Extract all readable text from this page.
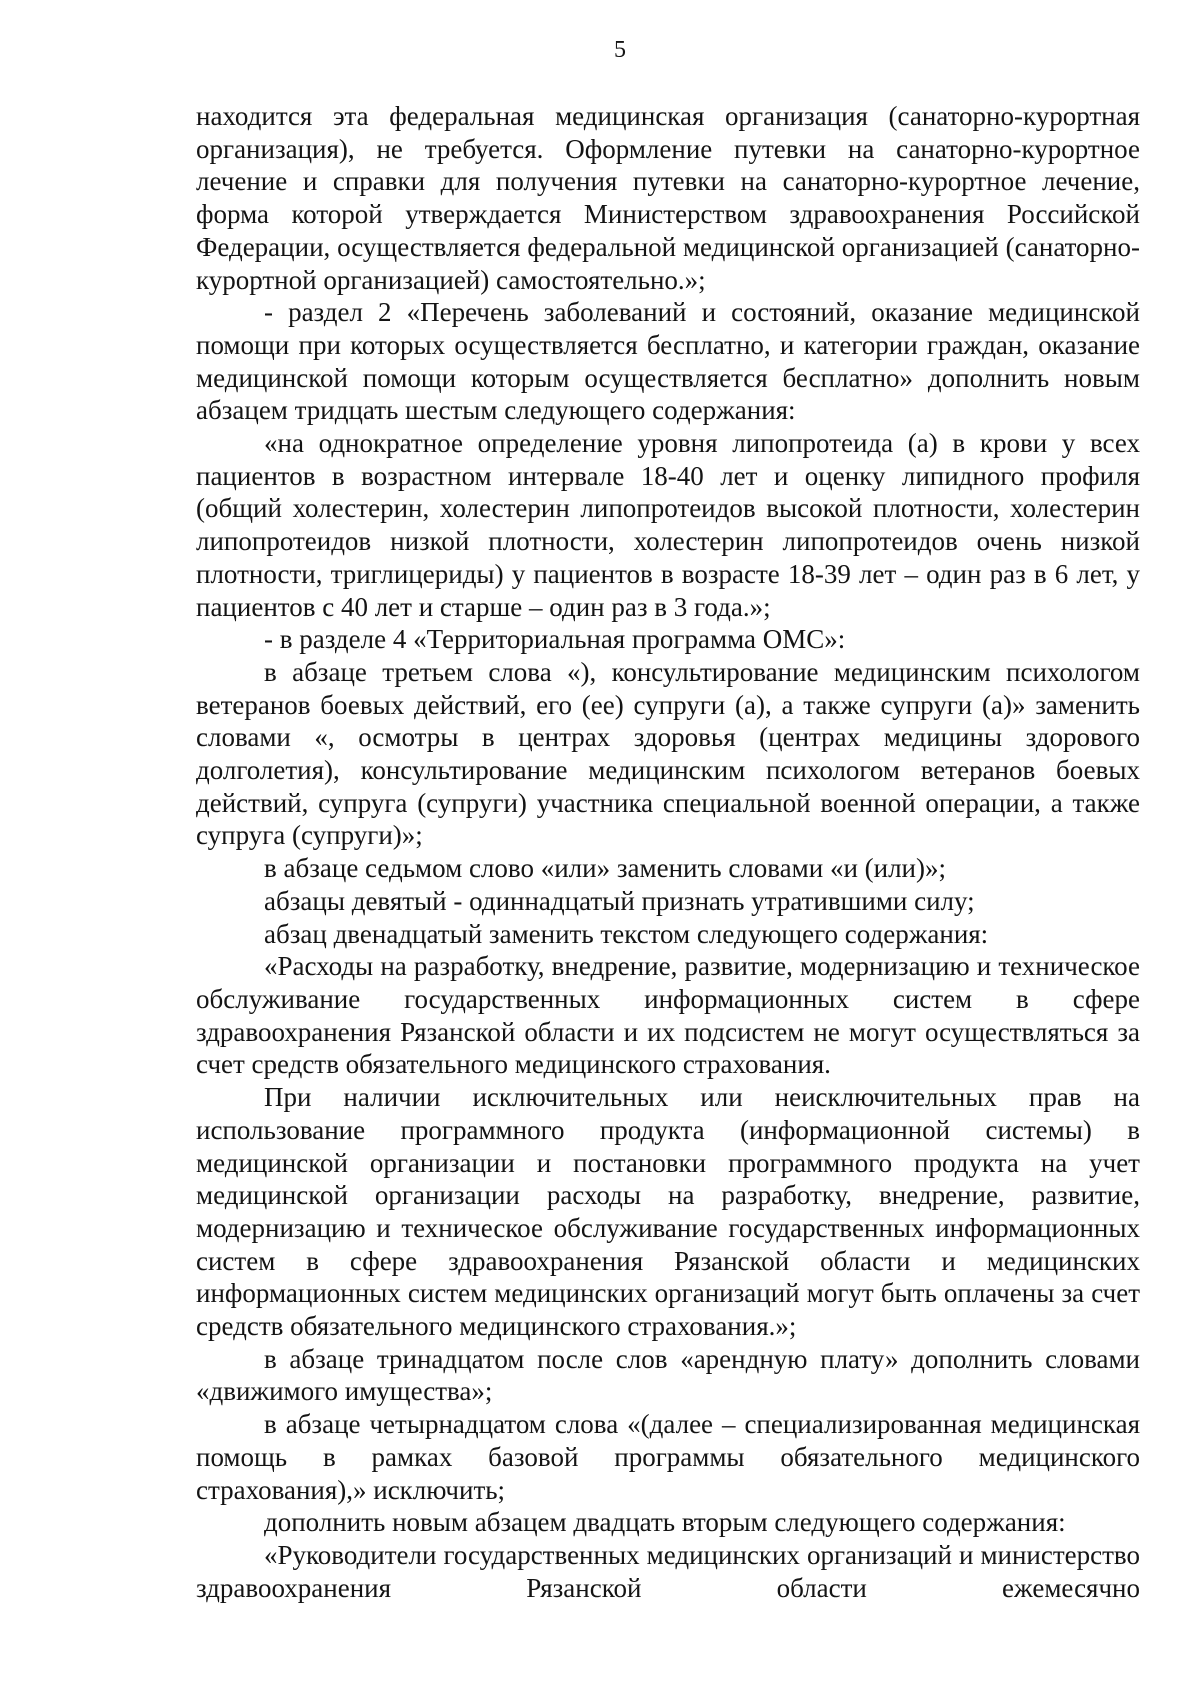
5

находится эта федеральная медицинская организация (санаторно-курортная организация), не требуется. Оформление путевки на санаторно-курортное лечение и справки для получения путевки на санаторно-курортное лечение, форма которой утверждается Министерством здравоохранения Российской Федерации, осуществляется федеральной медицинской организацией (санаторно-курортной организацией) самостоятельно.»;

- раздел 2 «Перечень заболеваний и состояний, оказание медицинской помощи при которых осуществляется бесплатно, и категории граждан, оказание медицинской помощи которым осуществляется бесплатно» дополнить новым абзацем тридцать шестым следующего содержания:

«на однократное определение уровня липопротеида (а) в крови у всех пациентов в возрастном интервале 18-40 лет и оценку липидного профиля (общий холестерин, холестерин липопротеидов высокой плотности, холестерин липопротеидов низкой плотности, холестерин липопротеидов очень низкой плотности, триглицериды) у пациентов в возрасте 18-39 лет – один раз в 6 лет, у пациентов с 40 лет и старше – один раз в 3 года.»;

- в разделе 4 «Территориальная программа ОМС»:

в абзаце третьем слова «), консультирование медицинским психологом ветеранов боевых действий, его (ее) супруги (а), а также супруги (а)» заменить словами «, осмотры в центрах здоровья (центрах медицины здорового долголетия), консультирование медицинским психологом ветеранов боевых действий, супруга (супруги) участника специальной военной операции, а также супруга (супруги)»;

в абзаце седьмом слово «или» заменить словами «и (или)»;

абзацы девятый - одиннадцатый признать утратившими силу;

абзац двенадцатый заменить текстом следующего содержания:

«Расходы на разработку, внедрение, развитие, модернизацию и техническое обслуживание государственных информационных систем в сфере здравоохранения Рязанской области и их подсистем не могут осуществляться за счет средств обязательного медицинского страхования.

При наличии исключительных или неисключительных прав на использование программного продукта (информационной системы) в медицинской организации и постановки программного продукта на учет медицинской организации расходы на разработку, внедрение, развитие, модернизацию и техническое обслуживание государственных информационных систем в сфере здравоохранения Рязанской области и медицинских информационных систем медицинских организаций могут быть оплачены за счет средств обязательного медицинского страхования.»;

в абзаце тринадцатом после слов «арендную плату» дополнить словами «движимого имущества»;

в абзаце четырнадцатом слова «(далее – специализированная медицинская помощь в рамках базовой программы обязательного медицинского страхования),» исключить;

дополнить новым абзацем двадцать вторым следующего содержания:

«Руководители государственных медицинских организаций и министерство здравоохранения Рязанской области ежемесячно
